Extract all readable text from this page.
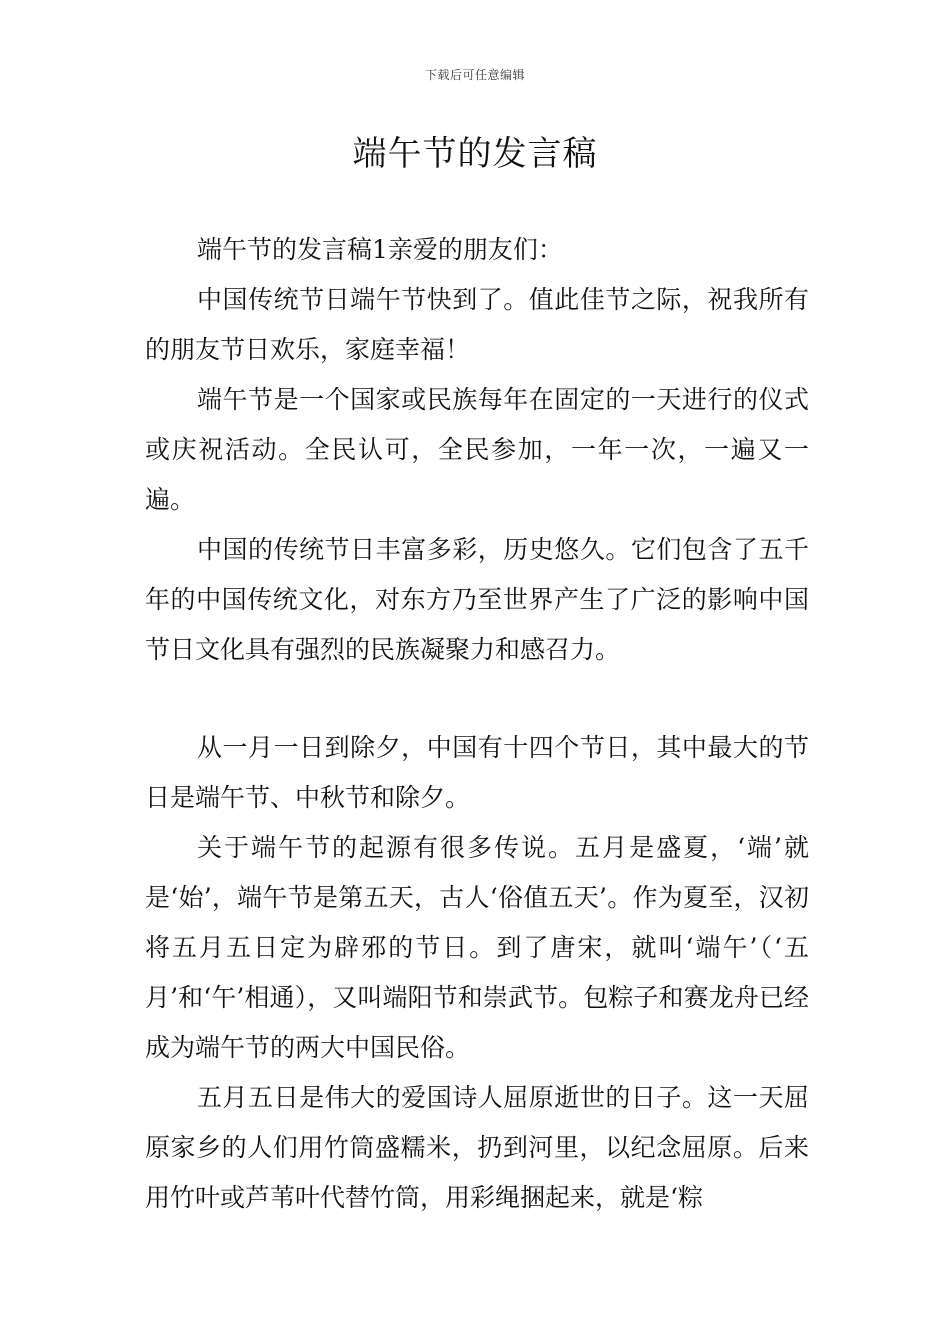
下载后可任意编辑
端午节的发言稿

端午节的发言稿1亲爱的朋友们：

中国传统节日端午节快到了。值此佳节之际，祝我所有的朋友节日欢乐，家庭幸福！

端午节是一个国家或民族每年在固定的一天进行的仪式或庆祝活动。全民认可，全民参加，一年一次，一遍又一遍。

中国的传统节日丰富多彩，历史悠久。它们包含了五千年的中国传统文化，对东方乃至世界产生了广泛的影响中国节日文化具有强烈的民族凝聚力和感召力。

从一月一日到除夕，中国有十四个节日，其中最大的节日是端午节、中秋节和除夕。

关于端午节的起源有很多传说。五月是盛夏，‘端’就是‘始’，端午节是第五天，古人‘俗值五天’。作为夏至，汉初将五月五日定为辟邪的节日。到了唐宋，就叫‘端午’（‘五月’和‘午’相通），又叫端阳节和崇武节。包粽子和赛龙舟已经成为端午节的两大中国民俗。

五月五日是伟大的爱国诗人屈原逝世的日子。这一天屈原家乡的人们用竹筒盛糯米，扔到河里，以纪念屈原。后来用竹叶或芦苇叶代替竹筒，用彩绳捆起来，就是‘粽
